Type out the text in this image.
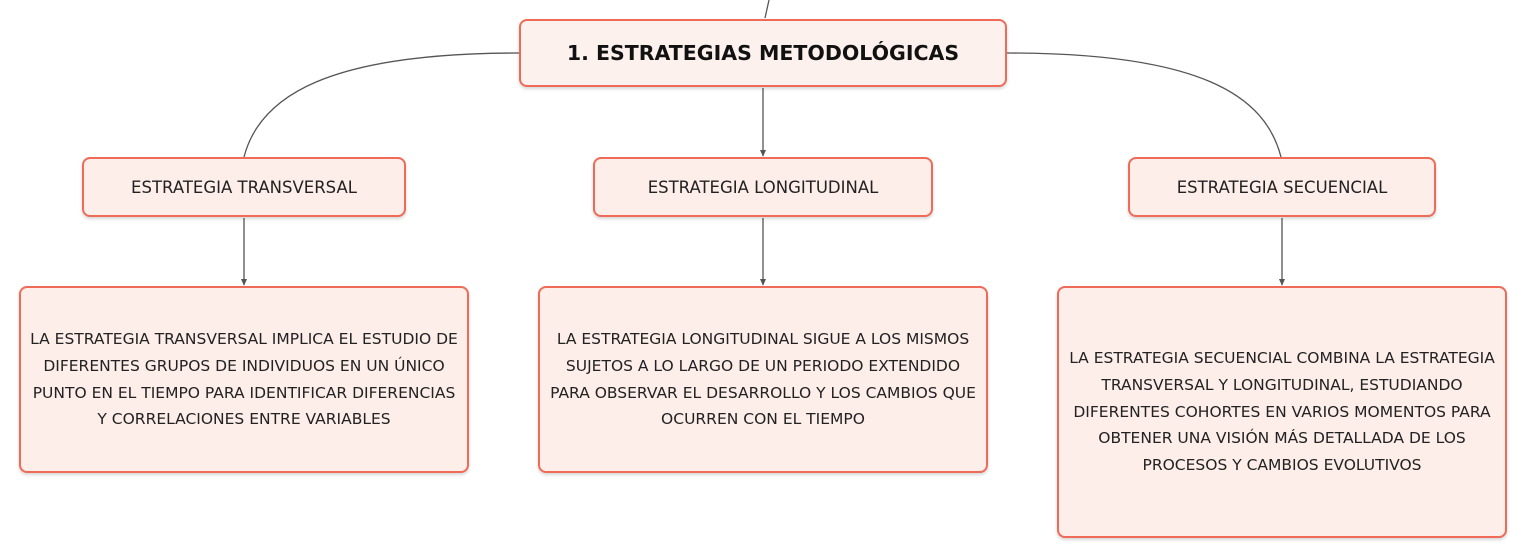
1. ESTRATEGIAS METODOLÓGICAS
ESTRATEGIA TRANSVERSAL	ESTRATEGIA LONGITUDINAL	ESTRATEGIA SECUENCIAL
LA ESTRATEGIA TRANSVERSAL IMPLICA EL ESTUDIO DE DIFERENTES GRUPOS DE INDIVIDUOS EN UN ÚNICO PUNTO EN EL TIEMPO PARA IDENTIFICAR DIFERENCIAS Y CORRELACIONES ENTRE VARIABLES
LA ESTRATEGIA LONGITUDINAL SIGUE A LOS MISMOS SUJETOS A LO LARGO DE UN PERIODO EXTENDIDO PARA OBSERVAR EL DESARROLLO Y LOS CAMBIOS QUE OCURREN CON EL TIEMPO
LA ESTRATEGIA SECUENCIAL COMBINA LA ESTRATEGIA TRANSVERSAL Y LONGITUDINAL, ESTUDIANDO DIFERENTES COHORTES EN VARIOS MOMENTOS PARA OBTENER UNA VISIÓN MÁS DETALLADA DE LOS PROCESOS Y CAMBIOS EVOLUTIVOS
